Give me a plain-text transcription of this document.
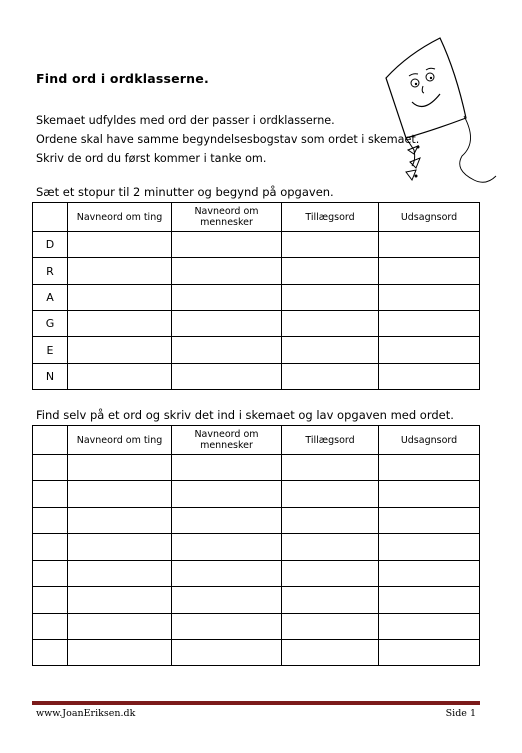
Find ord i ordklasserne.
Skemaet udfyldes med ord der passer i ordklasserne.
Ordene skal have samme begyndelsesbogstav som ordet i skemaet.
Skriv de ord du først kommer i tanke om.
Sæt et stopur til 2 minutter og begynd på opgaven.
	Navneord om ting	Navneord om mennesker	Tillægsord	Udsagnsord
D				
R				
A				
G				
E				
N				
Find selv på et ord og skriv det ind i skemaet og lav opgaven med ordet.
	Navneord om ting	Navneord om mennesker	Tillægsord	Udsagnsord

www.JoanEriksen.dk	Side 1
